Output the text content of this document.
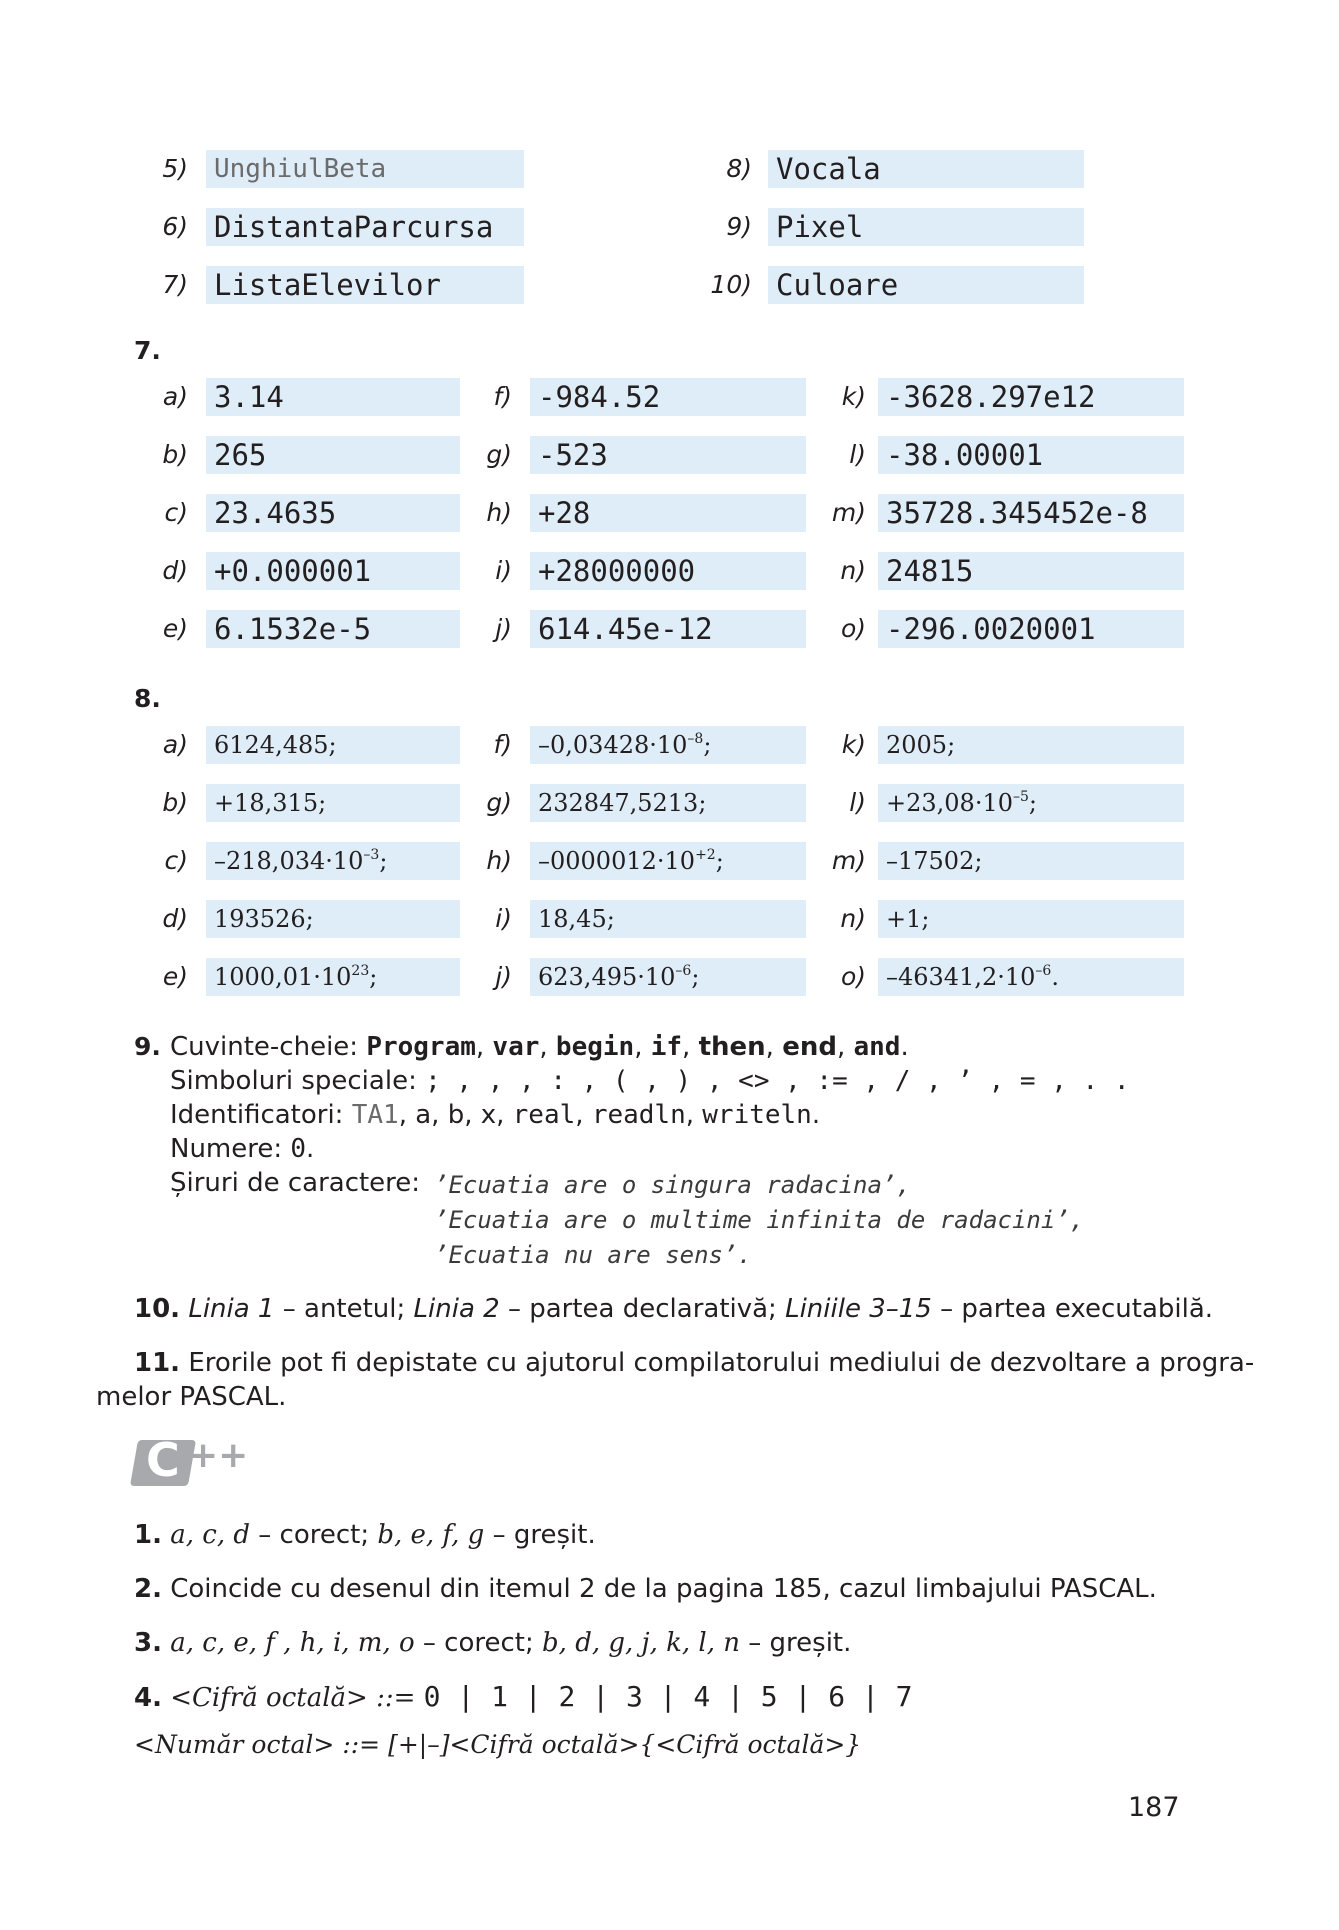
5)	UnghiulBeta	8) Vocala
6) DistantaParcursa	9) Pixel
7) ListaElevilor	10) Culoare
7.
a) 3.14	f) -984.52	k) -3628.297e12
b) 265	g) -523	l) -38.00001
c) 23.4635	h) +28	m) 35728.345452e-8
d) +0.000001	i) +28000000	n) 24815
e) 6.1532e-5	j) 614.45e-12	o) -296.0020001
8.
a)	6124,485;	f)	$-0,03428\cdot 10^{-8}$;	k) 2005;
b)	+18,315;	g)	232847,5213;	$l) +23,08\cdot 10^{-5}$;
c)	$-218,034\cdot 10^{-3}$;	h)	$-0000012\cdot 10^{+2}$;	m) –17502;
d)	193526;	i)	18,45;	n) +1;
e)	$1000,01\cdot 10^{23}$;	j)	$623,495\cdot 10^{-6}$;	o) $-46341,2\cdot 10^{-6}$.
9. Cuvinte-cheie: Program, var, begin, if, then, end, and.
Simboluri speciale: ; , , , : , ( , ) , <> , := , / , ’ , = , . .
Identificatori: TA1, a, b, x, real, readln, writeln.
Numere: 0.
Șiruri de caractere: ’Ecuatia are o singura radacina’,
’Ecuatia are o multime infinita de radacini’,
’Ecuatia nu are sens’.
10. Linia 1 – antetul; Linia 2 – partea declarativă; Liniile 3–15 – partea executabilă.
11. Erorile pot fi depistate cu ajutorul compilatorului mediului de dezvoltare a progra-
melor PASCAL.
C ++
1. a, c, d – corect; b, e, f, g – greșit.
2. Coincide cu desenul din itemul 2 de la pagina 185, cazul limbajului PASCAL.
3. a, c, e, f , h, i, m, o – corect; b, d, g, j, k, l, n – greșit.
4. <Cifră octală> ::= 0 | 1 | 2 | 3 | 4 | 5 | 6 | 7
<Număr octal> ::= [+|–]<Cifră octală>{<Cifră octală>}
187
